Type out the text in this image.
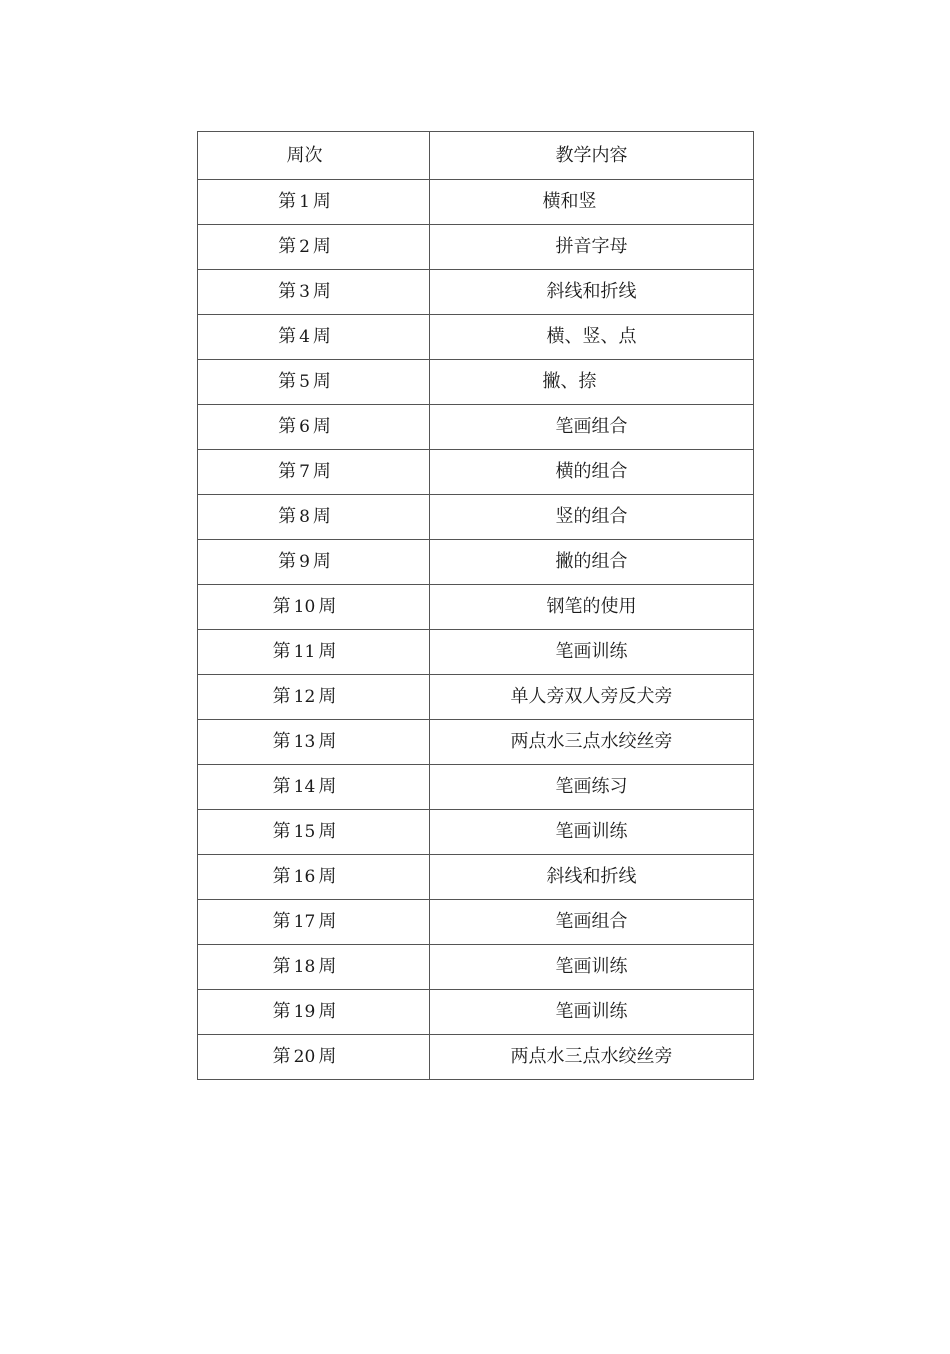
周次	教学内容
第 1 周	横和竖
第 2 周	拼音字母
第 3 周	斜线和折线
第 4 周	横、竖、点
第 5 周	撇、捺
第 6 周	笔画组合
第 7 周	横的组合
第 8 周	竖的组合
第 9 周	撇的组合
第 10 周	钢笔的使用
第 11 周	笔画训练
第 12 周	单人旁双人旁反犬旁
第 13 周	两点水三点水绞丝旁
第 14 周	笔画练习
第 15 周	笔画训练
第 16 周	斜线和折线
第 17 周	笔画组合
第 18 周	笔画训练
第 19 周	笔画训练
第 20 周	两点水三点水绞丝旁
